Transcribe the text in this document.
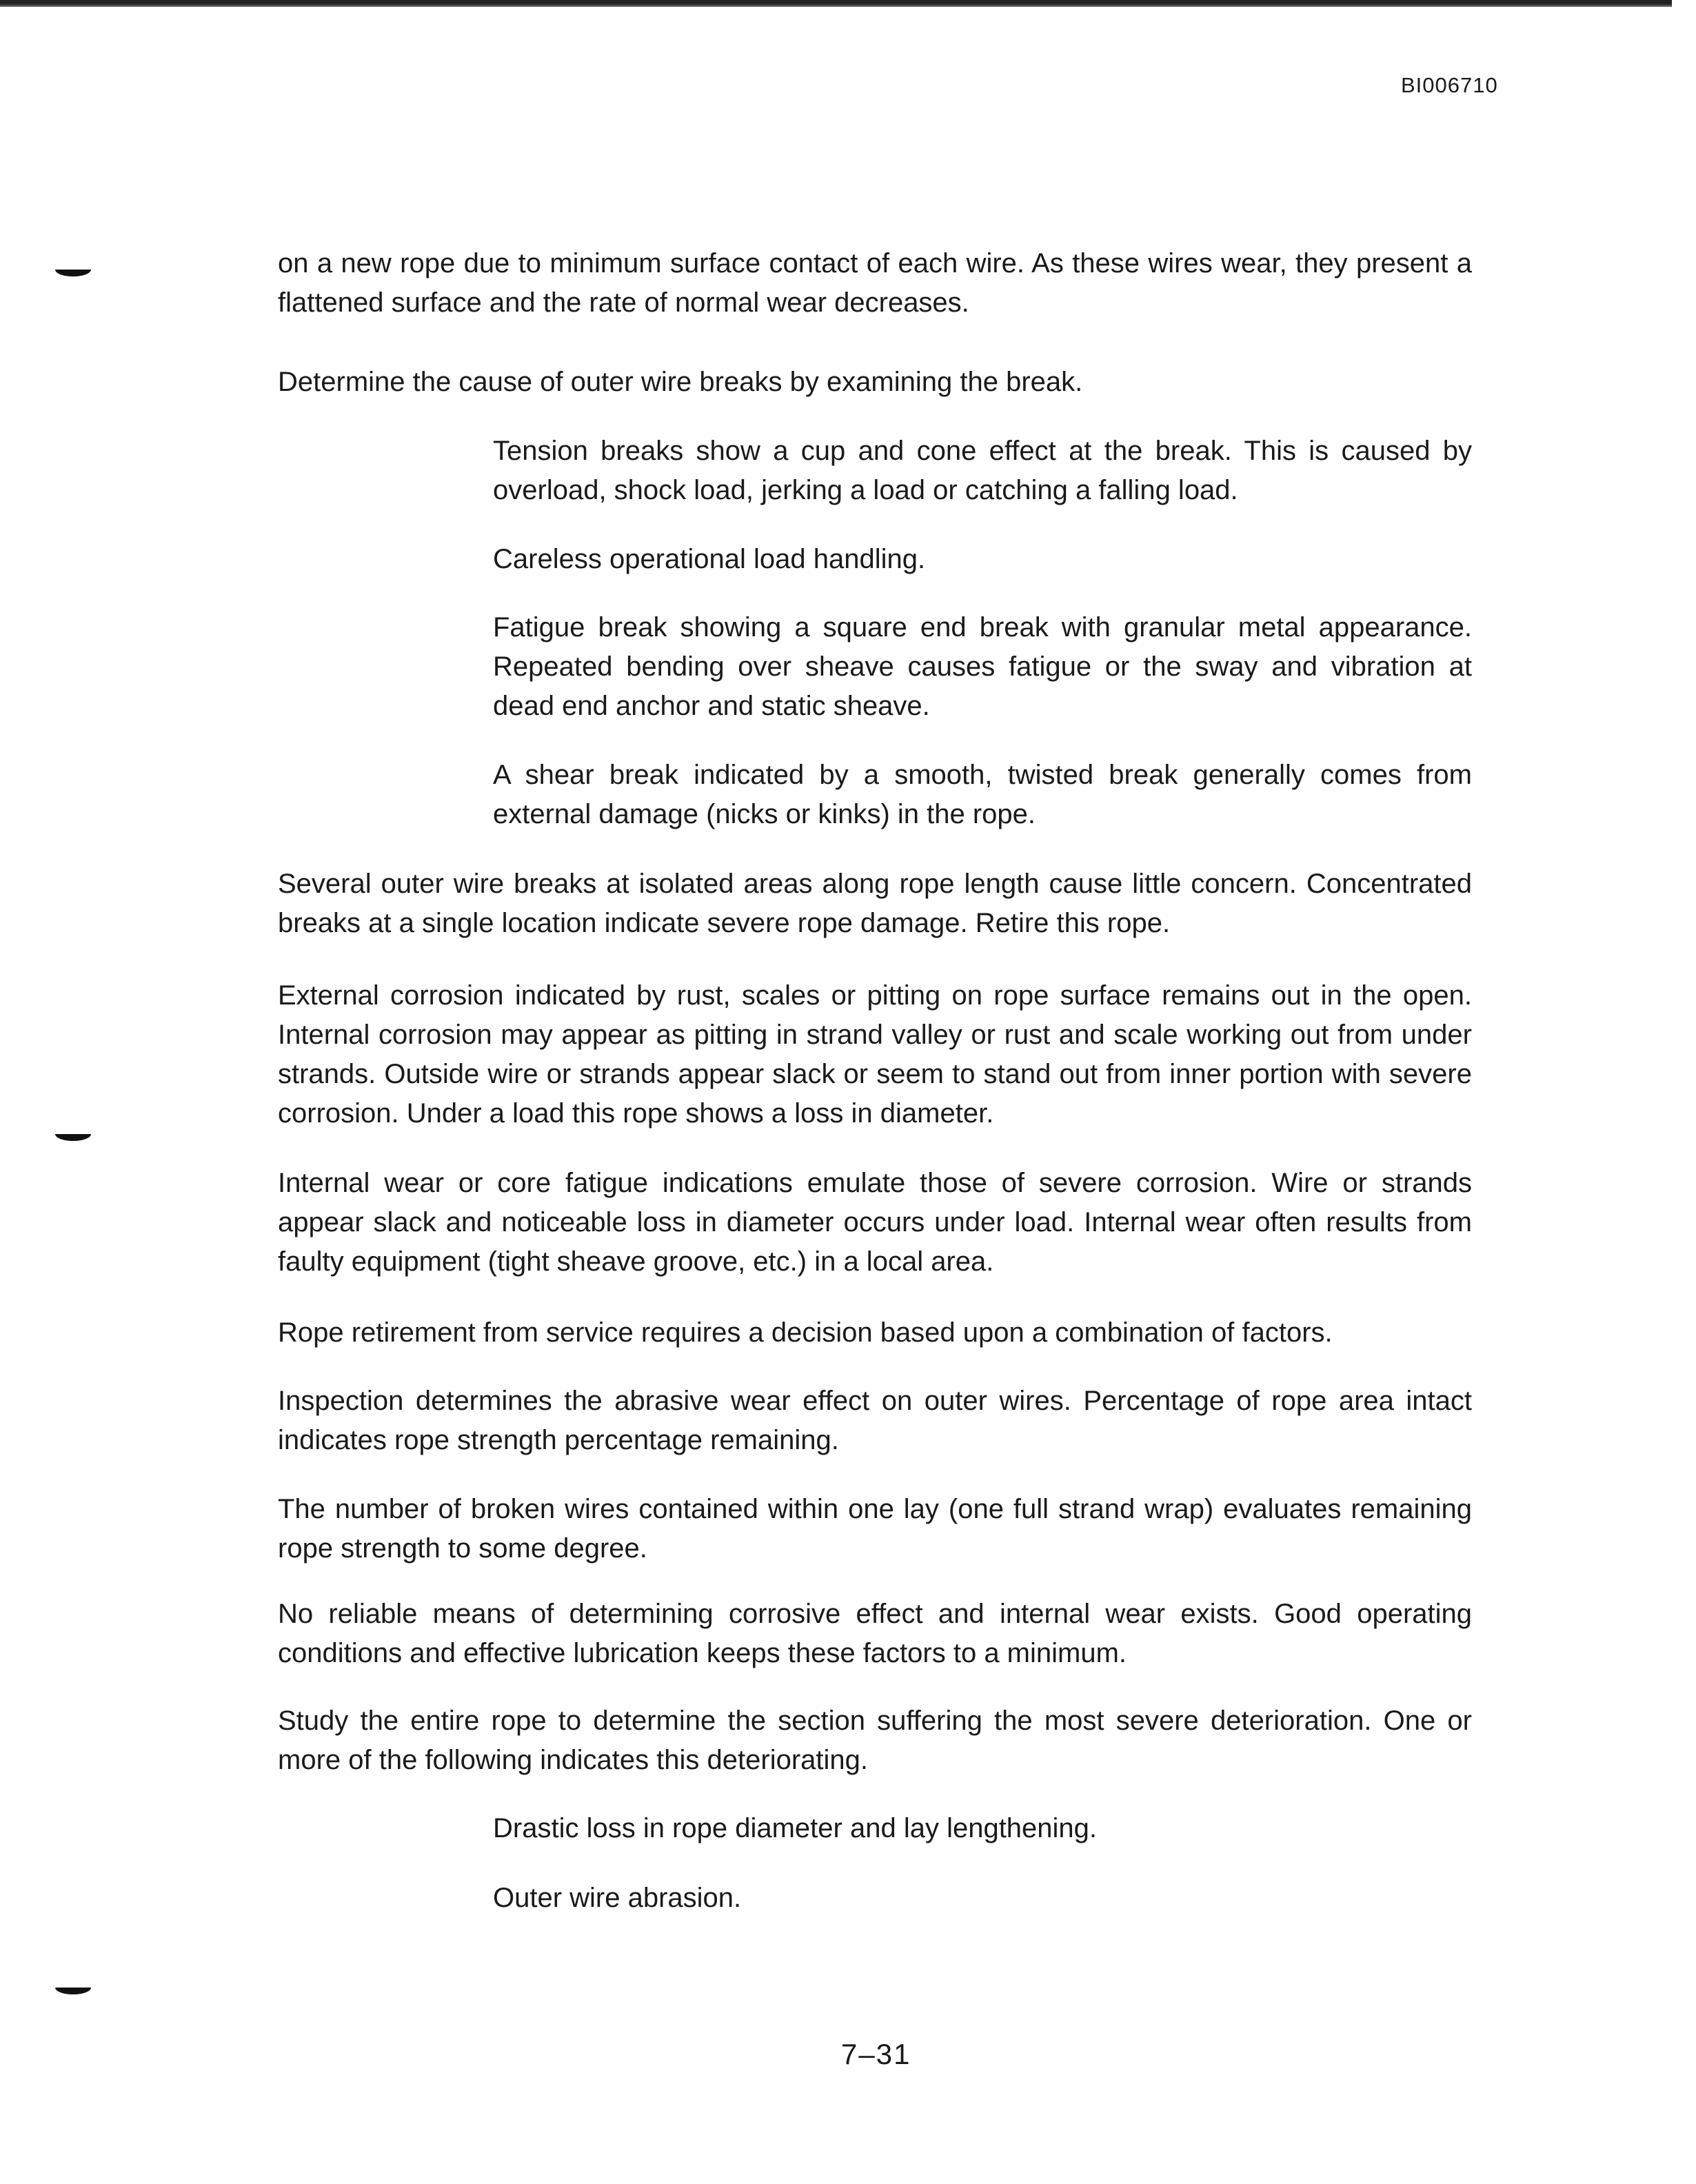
BI006710

on a new rope due to minimum surface contact of each wire. As these wires wear, they present a flattened surface and the rate of normal wear decreases.

Determine the cause of outer wire breaks by examining the break.

Tension breaks show a cup and cone effect at the break. This is caused by overload, shock load, jerking a load or catching a falling load.

Careless operational load handling.

Fatigue break showing a square end break with granular metal appearance. Repeated bending over sheave causes fatigue or the sway and vibration at dead end anchor and static sheave.

A shear break indicated by a smooth, twisted break generally comes from external damage (nicks or kinks) in the rope.

Several outer wire breaks at isolated areas along rope length cause little concern. Concentrated breaks at a single location indicate severe rope damage. Retire this rope.

External corrosion indicated by rust, scales or pitting on rope surface remains out in the open. Internal corrosion may appear as pitting in strand valley or rust and scale working out from under strands. Outside wire or strands appear slack or seem to stand out from inner portion with severe corrosion. Under a load this rope shows a loss in diameter.

Internal wear or core fatigue indications emulate those of severe corrosion. Wire or strands appear slack and noticeable loss in diameter occurs under load. Internal wear often results from faulty equipment (tight sheave groove, etc.) in a local area.

Rope retirement from service requires a decision based upon a combination of factors.

Inspection determines the abrasive wear effect on outer wires. Percentage of rope area intact indicates rope strength percentage remaining.

The number of broken wires contained within one lay (one full strand wrap) evaluates remaining rope strength to some degree.

No reliable means of determining corrosive effect and internal wear exists. Good operating conditions and effective lubrication keeps these factors to a minimum.

Study the entire rope to determine the section suffering the most severe deterioration. One or more of the following indicates this deteriorating.

Drastic loss in rope diameter and lay lengthening.

Outer wire abrasion.

7–31
